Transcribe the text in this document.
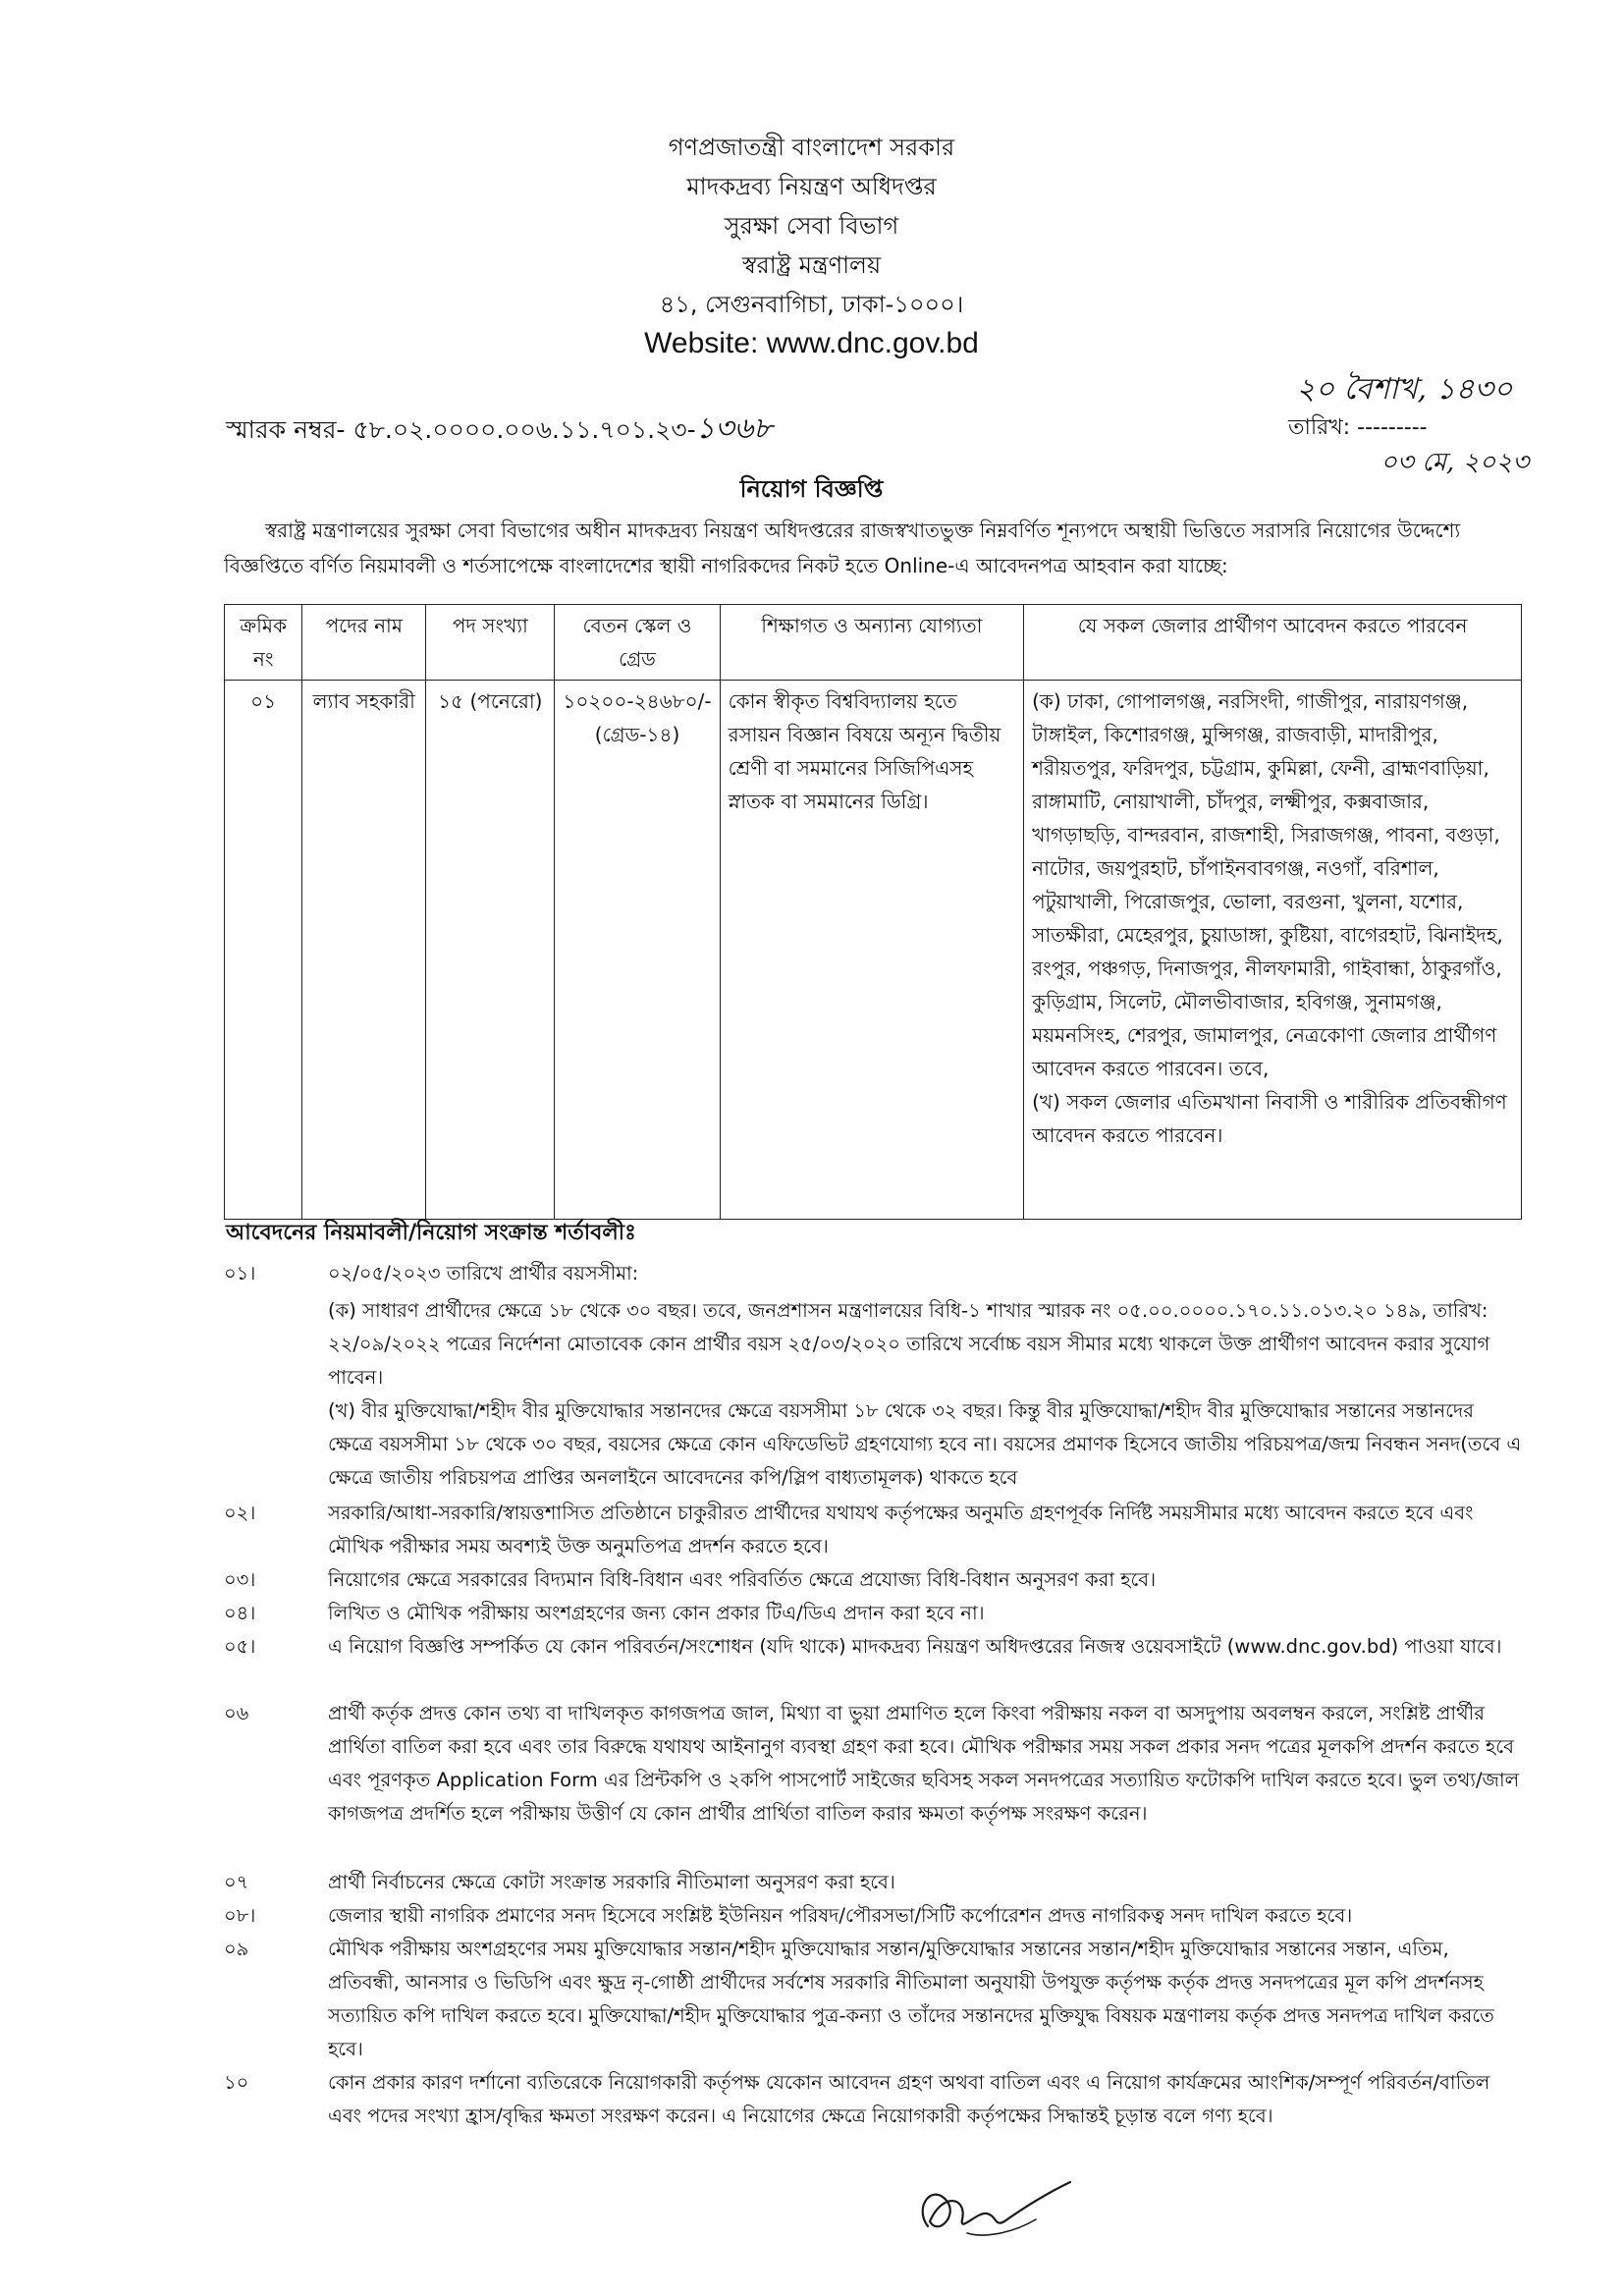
গণপ্রজাতন্ত্রী বাংলাদেশ সরকার
মাদকদ্রব্য নিয়ন্ত্রণ অধিদপ্তর
সুরক্ষা সেবা বিভাগ
স্বরাষ্ট্র মন্ত্রণালয়
৪১, সেগুনবাগিচা, ঢাকা-১০০০।
Website: www.dnc.gov.bd
স্মারক নম্বর- ৫৮.০২.০০০০.০০৬.১১.৭০১.২৩-১৩৬৮
২০ বৈশাখ, ১৪৩০
তারিখ: ---------
০৩ মে, ২০২৩
নিয়োগ বিজ্ঞপ্তি
স্বরাষ্ট্র মন্ত্রণালয়ের সুরক্ষা সেবা বিভাগের অধীন মাদকদ্রব্য নিয়ন্ত্রণ অধিদপ্তরের রাজস্বখাতভুক্ত নিম্নবর্ণিত শূন্যপদে অস্থায়ী ভিত্তিতে সরাসরি নিয়োগের উদ্দেশ্যে বিজ্ঞপ্তিতে বর্ণিত নিয়মাবলী ও শর্তসাপেক্ষে বাংলাদেশের স্থায়ী নাগরিকদের নিকট হতে Online-এ আবেদনপত্র আহবান করা যাচ্ছে:
ক্রমিক নং	পদের নাম	পদ সংখ্যা	বেতন স্কেল ও গ্রেড	শিক্ষাগত ও অন্যান্য যোগ্যতা	যে সকল জেলার প্রার্থীগণ আবেদন করতে পারবেন
০১	ল্যাব সহকারী	১৫ (পনেরো)	১০২০০-২৪৬৮০/- (গ্রেড-১৪)	কোন স্বীকৃত বিশ্ববিদ্যালয় হতে রসায়ন বিজ্ঞান বিষয়ে অন্যূন দ্বিতীয় শ্রেণী বা সমমানের সিজিপিএসহ স্নাতক বা সমমানের ডিগ্রি।	(ক) ঢাকা, গোপালগঞ্জ, নরসিংদী, গাজীপুর, নারায়ণগঞ্জ, টাঙ্গাইল, কিশোরগঞ্জ, মুন্সিগঞ্জ, রাজবাড়ী, মাদারীপুর, শরীয়তপুর, ফরিদপুর, চট্টগ্রাম, কুমিল্লা, ফেনী, ব্রাহ্মণবাড়িয়া, রাঙ্গামাটি, নোয়াখালী, চাঁদপুর, লক্ষ্মীপুর, কক্সবাজার, খাগড়াছড়ি, বান্দরবান, রাজশাহী, সিরাজগঞ্জ, পাবনা, বগুড়া, নাটোর, জয়পুরহাট, চাঁপাইনবাবগঞ্জ, নওগাঁ, বরিশাল, পটুয়াখালী, পিরোজপুর, ভোলা, বরগুনা, খুলনা, যশোর, সাতক্ষীরা, মেহেরপুর, চুয়াডাঙ্গা, কুষ্টিয়া, বাগেরহাট, ঝিনাইদহ, রংপুর, পঞ্চগড়, দিনাজপুর, নীলফামারী, গাইবান্ধা, ঠাকুরগাঁও, কুড়িগ্রাম, সিলেট, মৌলভীবাজার, হবিগঞ্জ, সুনামগঞ্জ, ময়মনসিংহ, শেরপুর, জামালপুর, নেত্রকোণা জেলার প্রার্থীগণ আবেদন করতে পারবেন। তবে,
(খ) সকল জেলার এতিমখানা নিবাসী ও শারীরিক প্রতিবন্ধীগণ আবেদন করতে পারবেন।
আবেদনের নিয়মাবলী/নিয়োগ সংক্রান্ত শর্তাবলীঃ
০১।	০২/০৫/২০২৩ তারিখে প্রার্থীর বয়সসীমা:
(ক) সাধারণ প্রার্থীদের ক্ষেত্রে ১৮ থেকে ৩০ বছর। তবে, জনপ্রশাসন মন্ত্রণালয়ের বিধি-১ শাখার স্মারক নং ০৫.০০.০০০০.১৭০.১১.০১৩.২০ ১৪৯, তারিখ: ২২/০৯/২০২২ পত্রের নির্দেশনা মোতাবেক কোন প্রার্থীর বয়স ২৫/০৩/২০২০ তারিখে সর্বোচ্চ বয়স সীমার মধ্যে থাকলে উক্ত প্রার্থীগণ আবেদন করার সুযোগ পাবেন।
(খ) বীর মুক্তিযোদ্ধা/শহীদ বীর মুক্তিযোদ্ধার সন্তানদের ক্ষেত্রে বয়সসীমা ১৮ থেকে ৩২ বছর। কিন্তু বীর মুক্তিযোদ্ধা/শহীদ বীর মুক্তিযোদ্ধার সন্তানের সন্তানদের ক্ষেত্রে বয়সসীমা ১৮ থেকে ৩০ বছর, বয়সের ক্ষেত্রে কোন এফিডেভিট গ্রহণযোগ্য হবে না। বয়সের প্রমাণক হিসেবে জাতীয় পরিচয়পত্র/জন্ম নিবন্ধন সনদ(তবে এ ক্ষেত্রে জাতীয় পরিচয়পত্র প্রাপ্তির অনলাইনে আবেদনের কপি/স্লিপ বাধ্যতামূলক) থাকতে হবে
০২।	সরকারি/আধা-সরকারি/স্বায়ত্তশাসিত প্রতিষ্ঠানে চাকুরীরত প্রার্থীদের যথাযথ কর্তৃপক্ষের অনুমতি গ্রহণপূর্বক নির্দিষ্ট সময়সীমার মধ্যে আবেদন করতে হবে এবং মৌখিক পরীক্ষার সময় অবশ্যই উক্ত অনুমতিপত্র প্রদর্শন করতে হবে।
০৩।	নিয়োগের ক্ষেত্রে সরকারের বিদ্যমান বিধি-বিধান এবং পরিবর্তিত ক্ষেত্রে প্রযোজ্য বিধি-বিধান অনুসরণ করা হবে।
০৪।	লিখিত ও মৌখিক পরীক্ষায় অংশগ্রহণের জন্য কোন প্রকার টিএ/ডিএ প্রদান করা হবে না।
০৫।	এ নিয়োগ বিজ্ঞপ্তি সম্পর্কিত যে কোন পরিবর্তন/সংশোধন (যদি থাকে) মাদকদ্রব্য নিয়ন্ত্রণ অধিদপ্তরের নিজস্ব ওয়েবসাইটে (www.dnc.gov.bd) পাওয়া যাবে।
০৬	প্রার্থী কর্তৃক প্রদত্ত কোন তথ্য বা দাখিলকৃত কাগজপত্র জাল, মিথ্যা বা ভুয়া প্রমাণিত হলে কিংবা পরীক্ষায় নকল বা অসদুপায় অবলম্বন করলে, সংশ্লিষ্ট প্রার্থীর প্রার্থিতা বাতিল করা হবে এবং তার বিরুদ্ধে যথাযথ আইনানুগ ব্যবস্থা গ্রহণ করা হবে। মৌখিক পরীক্ষার সময় সকল প্রকার সনদ পত্রের মূলকপি প্রদর্শন করতে হবে এবং পূরণকৃত Application Form এর প্রিন্টকপি ও ২কপি পাসপোর্ট সাইজের ছবিসহ সকল সনদপত্রের সত্যায়িত ফটোকপি দাখিল করতে হবে। ভুল তথ্য/জাল কাগজপত্র প্রদর্শিত হলে পরীক্ষায় উত্তীর্ণ যে কোন প্রার্থীর প্রার্থিতা বাতিল করার ক্ষমতা কর্তৃপক্ষ সংরক্ষণ করেন।
০৭	প্রার্থী নির্বাচনের ক্ষেত্রে কোটা সংক্রান্ত সরকারি নীতিমালা অনুসরণ করা হবে।
০৮।	জেলার স্থায়ী নাগরিক প্রমাণের সনদ হিসেবে সংশ্লিষ্ট ইউনিয়ন পরিষদ/পৌরসভা/সিটি কর্পোরেশন প্রদত্ত নাগরিকত্ব সনদ দাখিল করতে হবে।
০৯	মৌখিক পরীক্ষায় অংশগ্রহণের সময় মুক্তিযোদ্ধার সন্তান/শহীদ মুক্তিযোদ্ধার সন্তান/মুক্তিযোদ্ধার সন্তানের সন্তান/শহীদ মুক্তিযোদ্ধার সন্তানের সন্তান, এতিম, প্রতিবন্ধী, আনসার ও ভিডিপি এবং ক্ষুদ্র নৃ-গোষ্ঠী প্রার্থীদের সর্বশেষ সরকারি নীতিমালা অনুযায়ী উপযুক্ত কর্তৃপক্ষ কর্তৃক প্রদত্ত সনদপত্রের মূল কপি প্রদর্শনসহ সত্যায়িত কপি দাখিল করতে হবে। মুক্তিযোদ্ধা/শহীদ মুক্তিযোদ্ধার পুত্র-কন্যা ও তাঁদের সন্তানদের মুক্তিযুদ্ধ বিষয়ক মন্ত্রণালয় কর্তৃক প্রদত্ত সনদপত্র দাখিল করতে হবে।
১০	কোন প্রকার কারণ দর্শানো ব্যতিরেকে নিয়োগকারী কর্তৃপক্ষ যেকোন আবেদন গ্রহণ অথবা বাতিল এবং এ নিয়োগ কার্যক্রমের আংশিক/সম্পূর্ণ পরিবর্তন/বাতিল এবং পদের সংখ্যা হ্রাস/বৃদ্ধির ক্ষমতা সংরক্ষণ করেন। এ নিয়োগের ক্ষেত্রে নিয়োগকারী কর্তৃপক্ষের সিদ্ধান্তই চূড়ান্ত বলে গণ্য হবে।
